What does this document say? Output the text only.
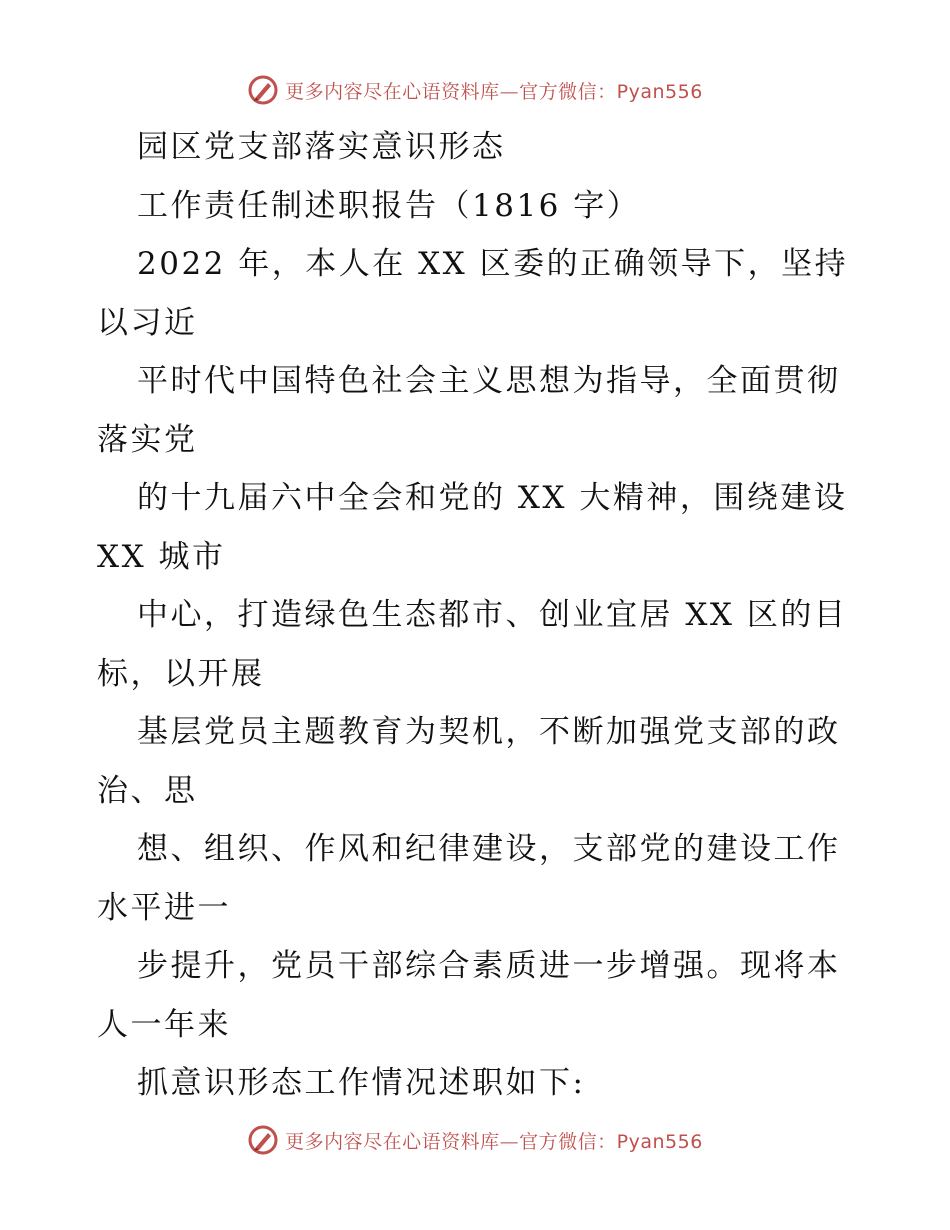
更多内容尽在心语资料库—官方微信：Pyan556
园区党支部落实意识形态
工作责任制述职报告（1816 字）
2022 年，本人在 XX 区委的正确领导下，坚持
以习近
平时代中国特色社会主义思想为指导，全面贯彻
落实党
的十九届六中全会和党的 XX 大精神，围绕建设
XX 城市
中心，打造绿色生态都市、创业宜居 XX 区的目
标，以开展
基层党员主题教育为契机，不断加强党支部的政
治、思
想、组织、作风和纪律建设，支部党的建设工作
水平进一
步提升，党员干部综合素质进一步增强。现将本
人一年来
抓意识形态工作情况述职如下:
更多内容尽在心语资料库—官方微信：Pyan556
